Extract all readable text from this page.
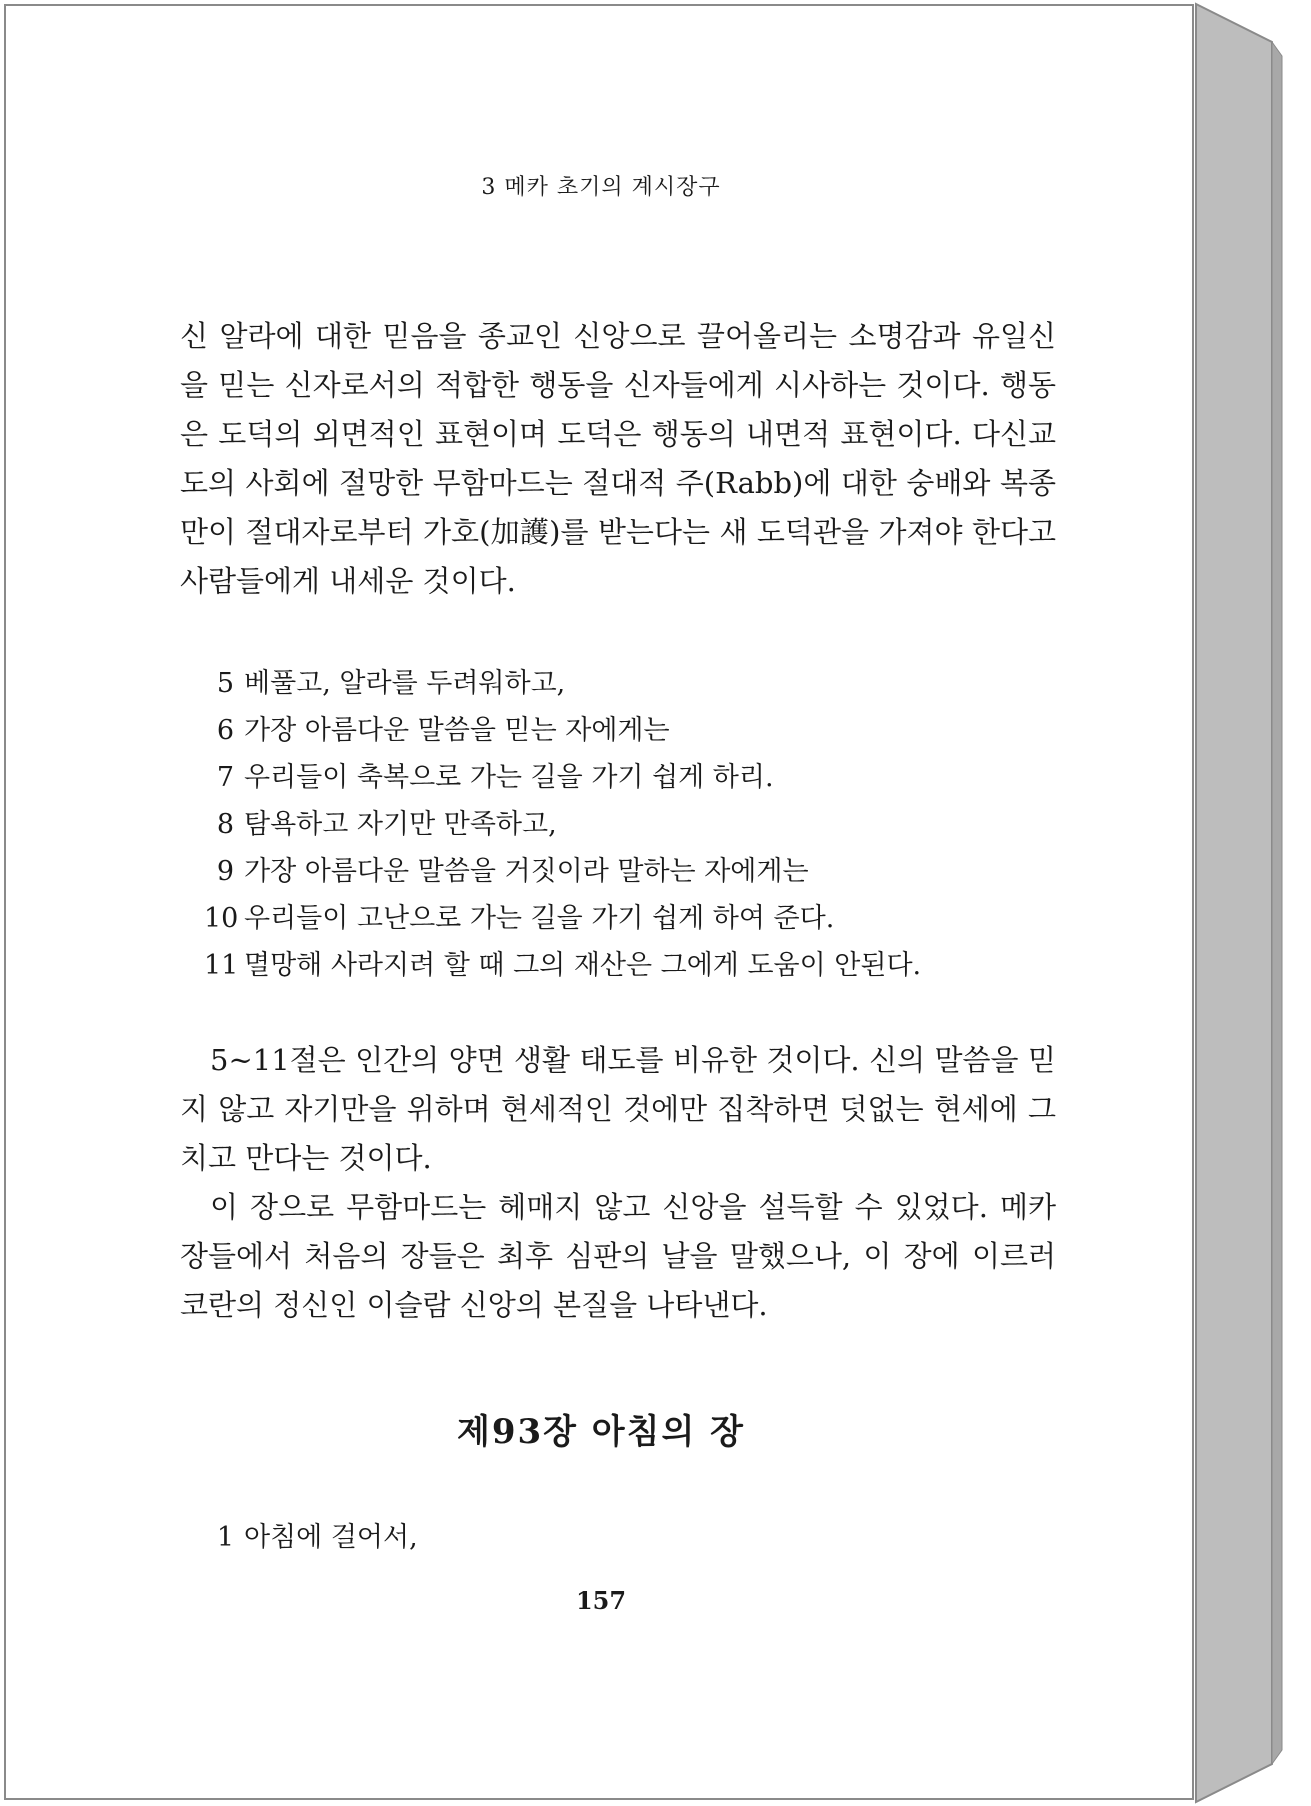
3 메카 초기의 계시장구

신 알라에 대한 믿음을 종교인 신앙으로 끌어올리는 소명감과 유일신을 믿는 신자로서의 적합한 행동을 신자들에게 시사하는 것이다. 행동은 도덕의 외면적인 표현이며 도덕은 행동의 내면적 표현이다. 다신교도의 사회에 절망한 무함마드는 절대적 주(Rabb)에 대한 숭배와 복종만이 절대자로부터 가호(加護)를 받는다는 새 도덕관을 가져야 한다고 사람들에게 내세운 것이다.

5 베풀고, 알라를 두려워하고,
6 가장 아름다운 말씀을 믿는 자에게는
7 우리들이 축복으로 가는 길을 가기 쉽게 하리.
8 탐욕하고 자기만 만족하고,
9 가장 아름다운 말씀을 거짓이라 말하는 자에게는
10 우리들이 고난으로 가는 길을 가기 쉽게 하여 준다.
11 멸망해 사라지려 할 때 그의 재산은 그에게 도움이 안된다.

5~11절은 인간의 양면 생활 태도를 비유한 것이다. 신의 말씀을 믿지 않고 자기만을 위하며 현세적인 것에만 집착하면 덧없는 현세에 그치고 만다는 것이다.

이 장으로 무함마드는 헤매지 않고 신앙을 설득할 수 있었다. 메카 장들에서 처음의 장들은 최후 심판의 날을 말했으나, 이 장에 이르러 코란의 정신인 이슬람 신앙의 본질을 나타낸다.

제93장 아침의 장
1 아침에 걸어서,
157
